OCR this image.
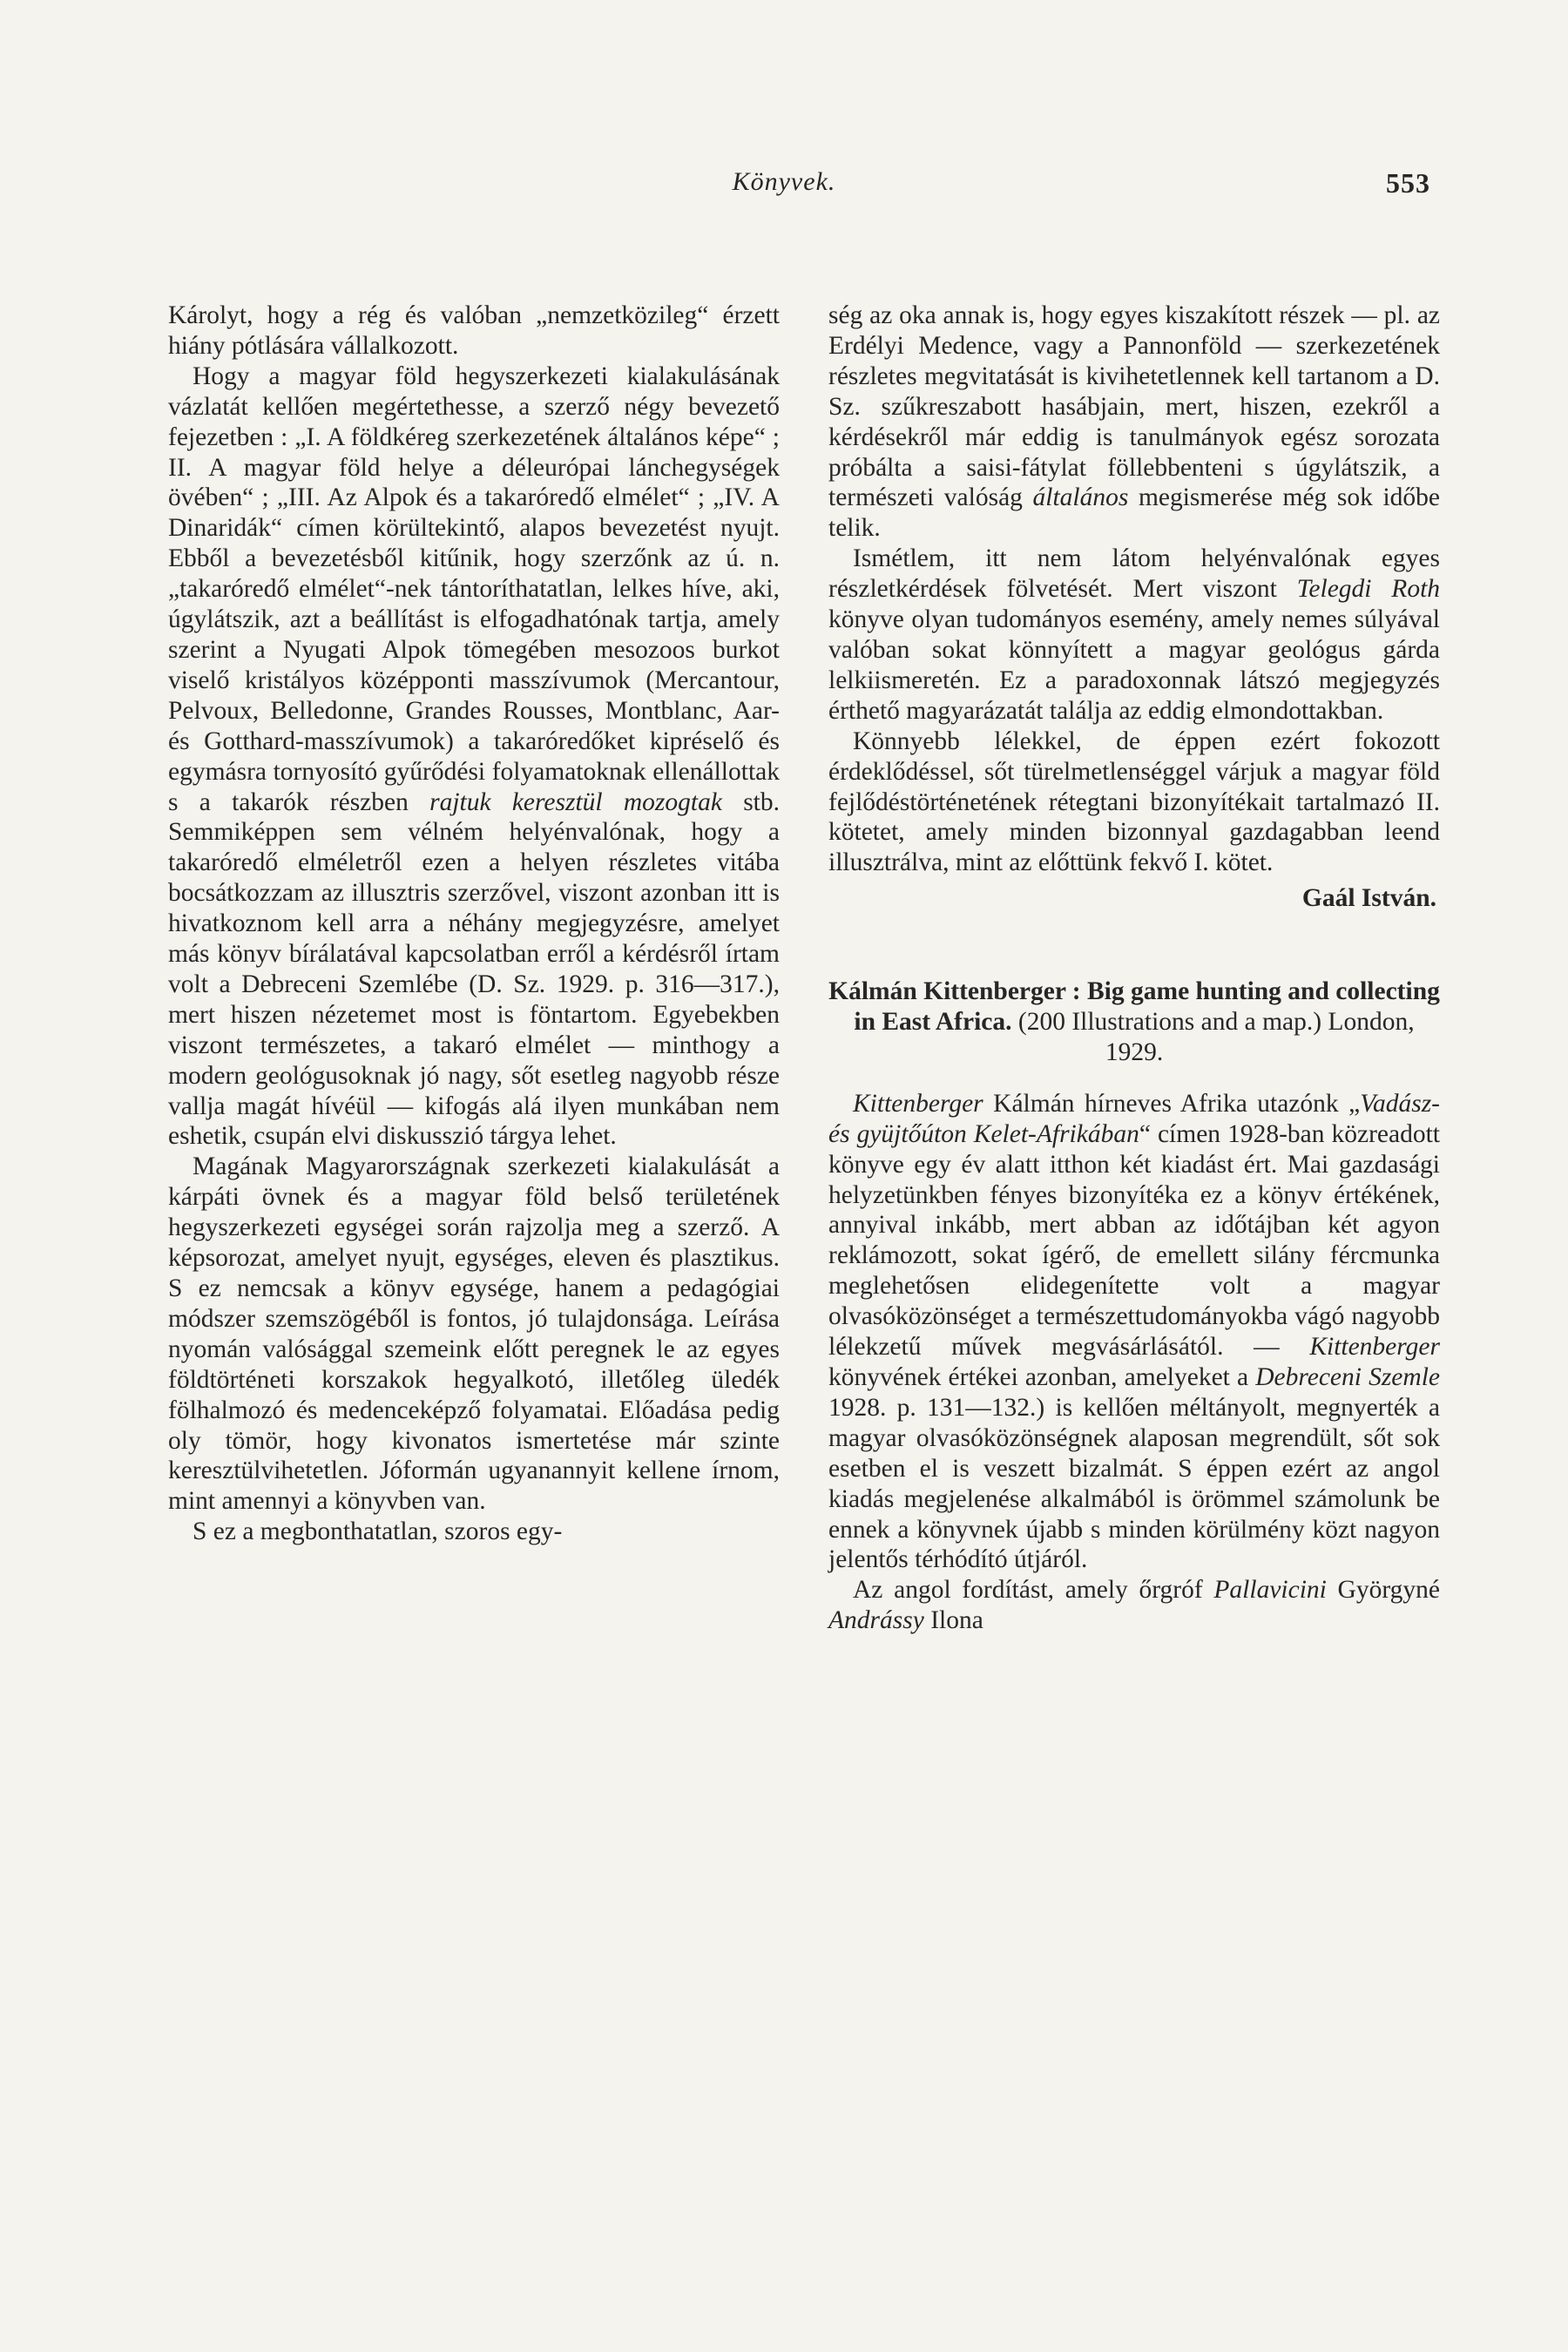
Könyvek.	553

Károlyt, hogy a rég és valóban „nemzetközileg“ érzett hiány pótlására vállalkozott.

Hogy a magyar föld hegyszerkezeti kialakulásának vázlatát kellően megértethesse, a szerző négy bevezető fejezetben : „I. A földkéreg szerkezetének általános képe“ ; II. A magyar föld helye a déleurópai lánchegységek övében“ ; „III. Az Alpok és a takaróredő elmélet“ ; „IV. A Dinaridák“ címen körültekintő, alapos bevezetést nyujt. Ebből a bevezetésből kitűnik, hogy szerzőnk az ú. n. „takaróredő elmélet“-nek tántoríthatatlan, lelkes híve, aki, úgylátszik, azt a beállítást is elfogadhatónak tartja, amely szerint a Nyugati Alpok tömegében mesozoos burkot viselő kristályos középponti masszívumok (Mercantour, Pelvoux, Belledonne, Grandes Rousses, Montblanc, Aar- és Gotthard-masszívumok) a takaróredőket kipréselő és egymásra tornyosító gyűrődési folyamatoknak ellenállottak s a takarók részben rajtuk keresztül mozogtak stb. Semmiképpen sem vélném helyénvalónak, hogy a takaróredő elméletről ezen a helyen részletes vitába bocsátkozzam az illusztris szerzővel, viszont azonban itt is hivatkoznom kell arra a néhány megjegyzésre, amelyet más könyv bírálatával kapcsolatban erről a kérdésről írtam volt a Debreceni Szemlébe (D. Sz. 1929. p. 316—317.), mert hiszen nézetemet most is föntartom. Egyebekben viszont természetes, a takaró elmélet — minthogy a modern geológusoknak jó nagy, sőt esetleg nagyobb része vallja magát hívéül — kifogás alá ilyen munkában nem eshetik, csupán elvi diskusszió tárgya lehet.

Magának Magyarországnak szerkezeti kialakulását a kárpáti övnek és a magyar föld belső területének hegyszerkezeti egységei során rajzolja meg a szerző. A képsorozat, amelyet nyujt, egységes, eleven és plasztikus. S ez nemcsak a könyv egysége, hanem a pedagógiai módszer szemszögéből is fontos, jó tulajdonsága. Leírása nyomán valósággal szemeink előtt peregnek le az egyes földtörténeti korszakok hegyalkotó, illetőleg üledék fölhalmozó és medenceképző folyamatai. Előadása pedig oly tömör, hogy kivonatos ismertetése már szinte keresztülvihetetlen. Jóformán ugyanannyit kellene írnom, mint amennyi a könyvben van.

S ez a megbonthatatlan, szoros egy-

ség az oka annak is, hogy egyes kiszakított részek — pl. az Erdélyi Medence, vagy a Pannonföld — szerkezetének részletes megvitatását is kivihetetlennek kell tartanom a D. Sz. szűkreszabott hasábjain, mert, hiszen, ezekről a kérdésekről már eddig is tanulmányok egész sorozata próbálta a saisi-fátylat föllebbenteni s úgylátszik, a természeti valóság általános megismerése még sok időbe telik.

Ismétlem, itt nem látom helyénvalónak egyes részletkérdések fölvetését. Mert viszont Telegdi Roth könyve olyan tudományos esemény, amely nemes súlyával valóban sokat könnyített a magyar geológus gárda lelkiismeretén. Ez a paradoxonnak látszó megjegyzés érthető magyarázatát találja az eddig elmondottakban.

Könnyebb lélekkel, de éppen ezért fokozott érdeklődéssel, sőt türelmetlenséggel várjuk a magyar föld fejlődéstörténetének rétegtani bizonyítékait tartalmazó II. kötetet, amely minden bizonnyal gazdagabban leend illusztrálva, mint az előttünk fekvő I. kötet.

Gaál István.

Kálmán Kittenberger : Big game hunting and collecting in East Africa. (200 Illustrations and a map.) London, 1929.

Kittenberger Kálmán hírneves Afrika utazónk „Vadász- és gyüjtőúton Kelet-Afrikában“ címen 1928-ban közreadott könyve egy év alatt itthon két kiadást ért. Mai gazdasági helyzetünkben fényes bizonyítéka ez a könyv értékének, annyival inkább, mert abban az időtájban két agyon reklámozott, sokat ígérő, de emellett silány fércmunka meglehetősen elidegenítette volt a magyar olvasóközönséget a természettudományokba vágó nagyobb lélekzetű művek megvásárlásától. — Kittenberger könyvének értékei azonban, amelyeket a Debreceni Szemle 1928. p. 131—132.) is kellően méltányolt, megnyerték a magyar olvasóközönségnek alaposan megrendült, sőt sok esetben el is veszett bizalmát. S éppen ezért az angol kiadás megjelenése alkalmából is örömmel számolunk be ennek a könyvnek újabb s minden körülmény közt nagyon jelentős térhódító útjáról.

Az angol fordítást, amely őrgróf Pallavicini Györgyné Andrássy Ilona
